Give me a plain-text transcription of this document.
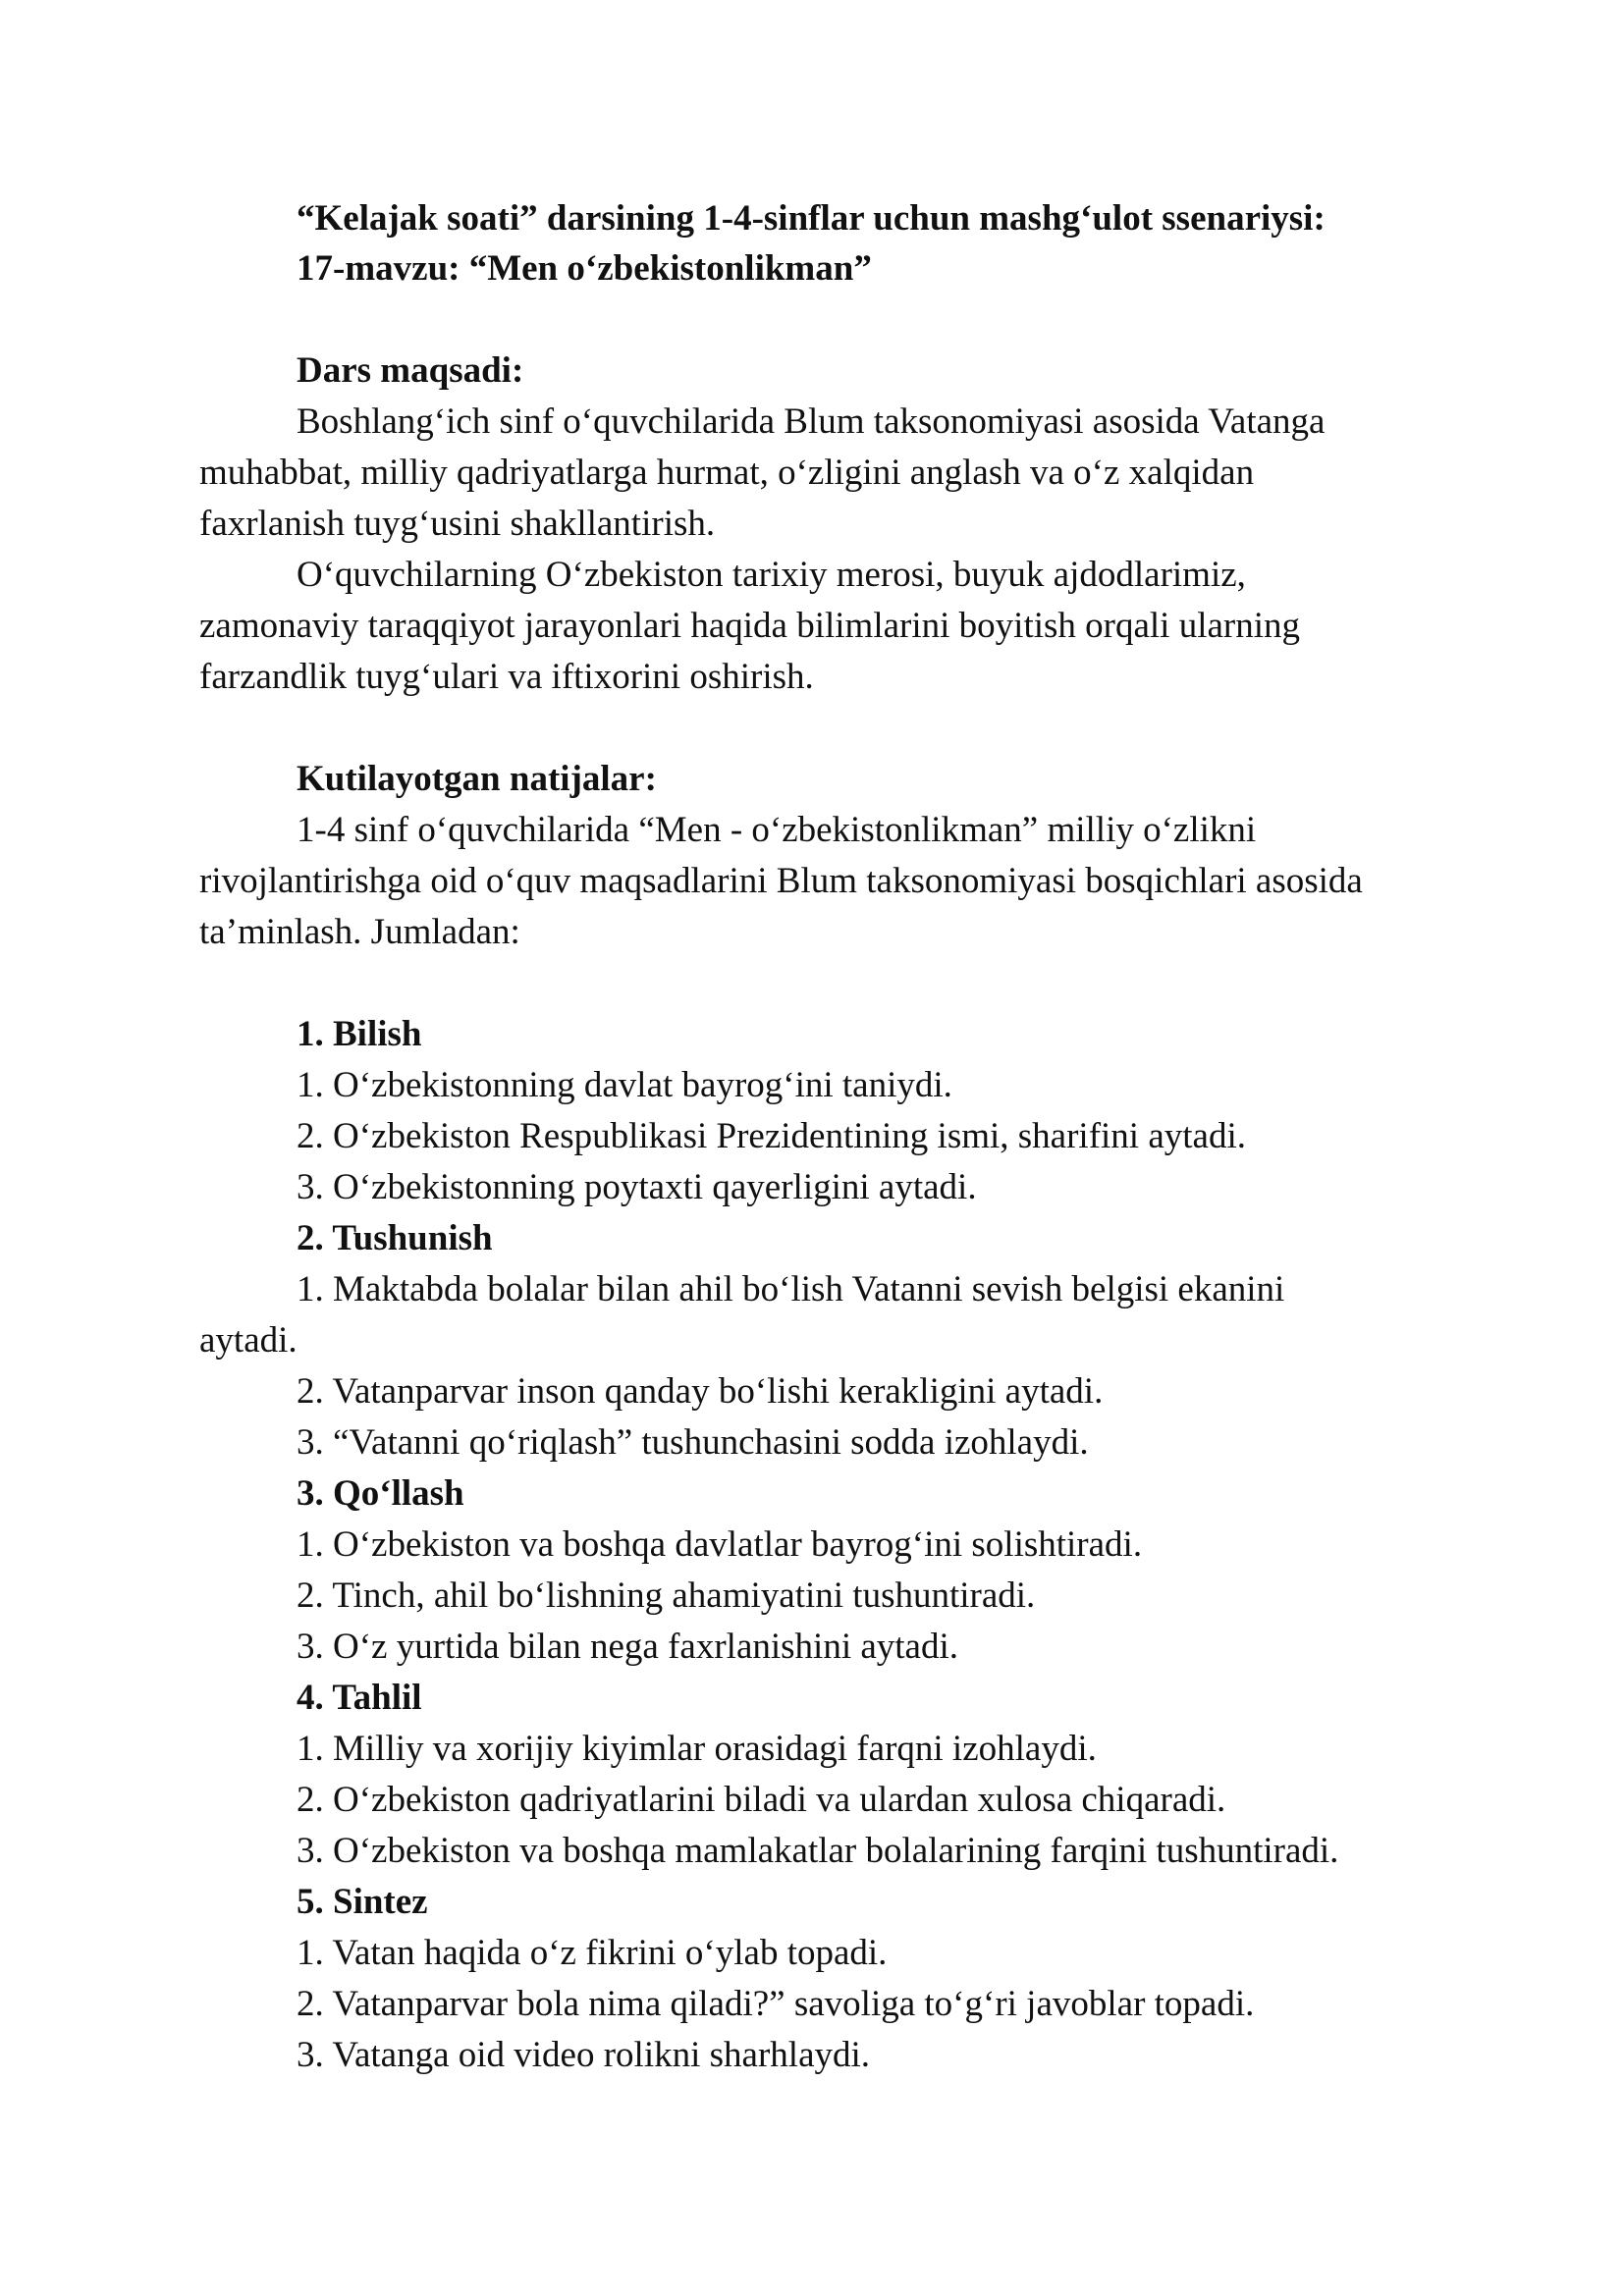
“Kelajak soati” darsining 1-4-sinflar uchun mashg‘ulot ssenariysi:

17-mavzu: “Men o‘zbekistonlikman”

Dars maqsadi:

Boshlang‘ich sinf o‘quvchilarida Blum taksonomiyasi asosida Vatanga

muhabbat, milliy qadriyatlarga hurmat, o‘zligini anglash va o‘z xalqidan

faxrlanish tuyg‘usini shakllantirish.

O‘quvchilarning O‘zbekiston tarixiy merosi, buyuk ajdodlarimiz,

zamonaviy taraqqiyot jarayonlari haqida bilimlarini boyitish orqali ularning

farzandlik tuyg‘ulari va iftixorini oshirish.

Kutilayotgan natijalar:

1-4 sinf o‘quvchilarida “Men - o‘zbekistonlikman” milliy o‘zlikni

rivojlantirishga oid o‘quv maqsadlarini Blum taksonomiyasi bosqichlari asosida

ta’minlash. Jumladan:

1. Bilish

1. O‘zbekistonning davlat bayrog‘ini taniydi.

2. O‘zbekiston Respublikasi Prezidentining ismi, sharifini aytadi.

3. O‘zbekistonning poytaxti qayerligini aytadi.

2. Tushunish

1. Maktabda bolalar bilan ahil bo‘lish Vatanni sevish belgisi ekanini

aytadi.

2. Vatanparvar inson qanday bo‘lishi kerakligini aytadi.

3. “Vatanni qo‘riqlash” tushunchasini sodda izohlaydi.

3. Qo‘llash

1. O‘zbekiston va boshqa davlatlar bayrog‘ini solishtiradi.

2. Tinch, ahil bo‘lishning ahamiyatini tushuntiradi.

3. O‘z yurtida bilan nega faxrlanishini aytadi.

4. Tahlil

1. Milliy va xorijiy kiyimlar orasidagi farqni izohlaydi.

2. O‘zbekiston qadriyatlarini biladi va ulardan xulosa chiqaradi.

3. O‘zbekiston va boshqa mamlakatlar bolalarining farqini tushuntiradi.

5. Sintez

1. Vatan haqida o‘z fikrini o‘ylab topadi.

2. Vatanparvar bola nima qiladi?” savoliga to‘g‘ri javoblar topadi.

3. Vatanga oid video rolikni sharhlaydi.
